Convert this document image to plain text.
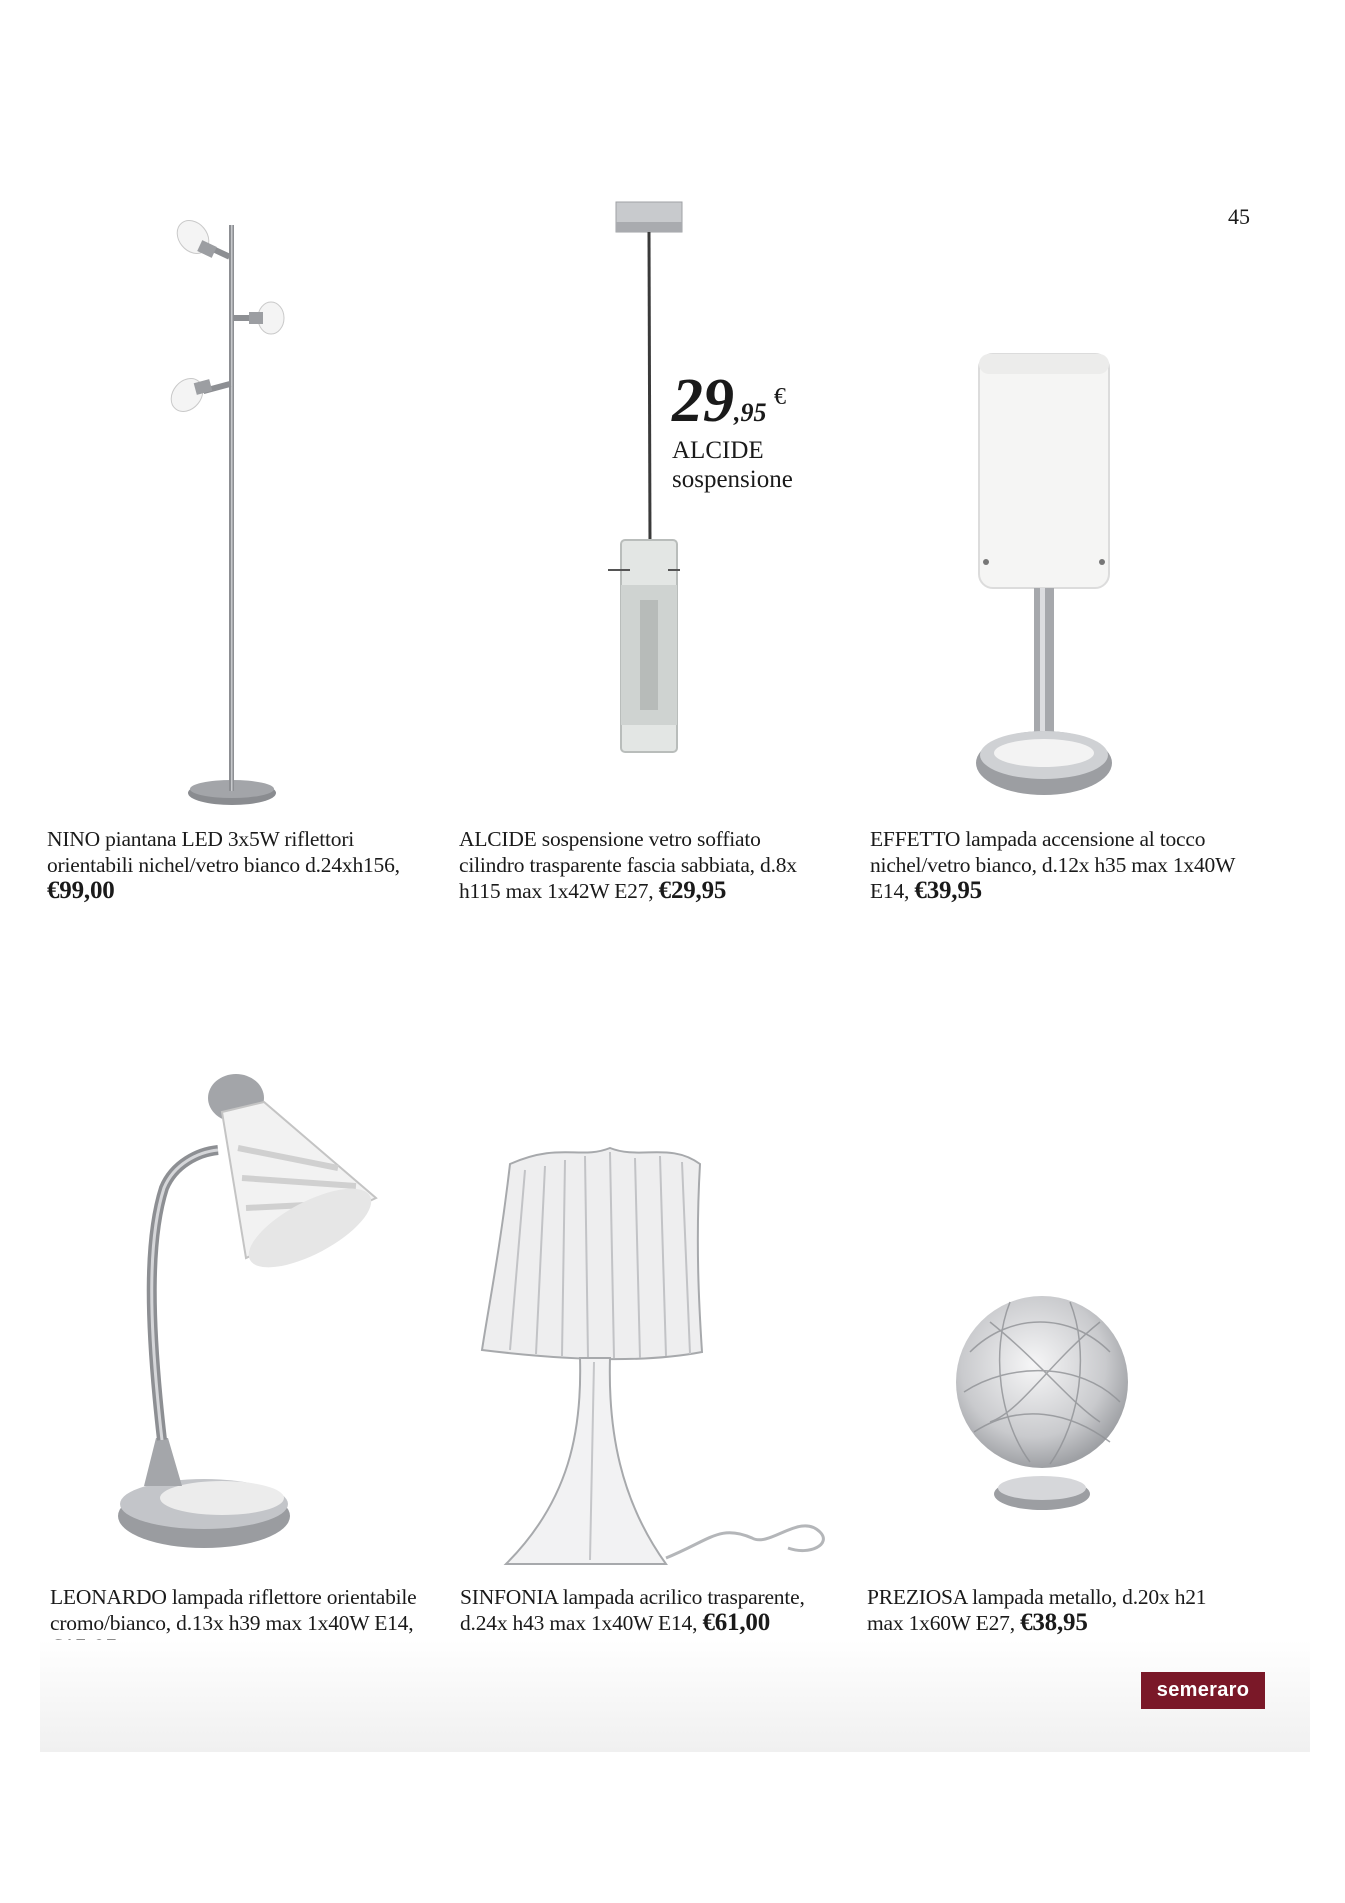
45
29,95
€
ALCIDE
sospensione
NINO piantana LED 3x5W riflettori orientabili nichel/vetro bianco d.24xh156, €99,00
ALCIDE sospensione vetro soffiato cilindro trasparente fascia sabbiata, d.8x h115 max 1x42W E27, €29,95
EFFETTO lampada accensione al tocco nichel/vetro bianco, d.12x h35 max 1x40W E14, €39,95
LEONARDO lampada riflettore orientabile cromo/bianco, d.13x h39 max 1x40W E14,
SINFONIA lampada acrilico trasparente, d.24x h43 max 1x40W E14, €61,00
PREZIOSA lampada metallo, d.20x h21 max 1x60W E27, €38,95
semeraro
